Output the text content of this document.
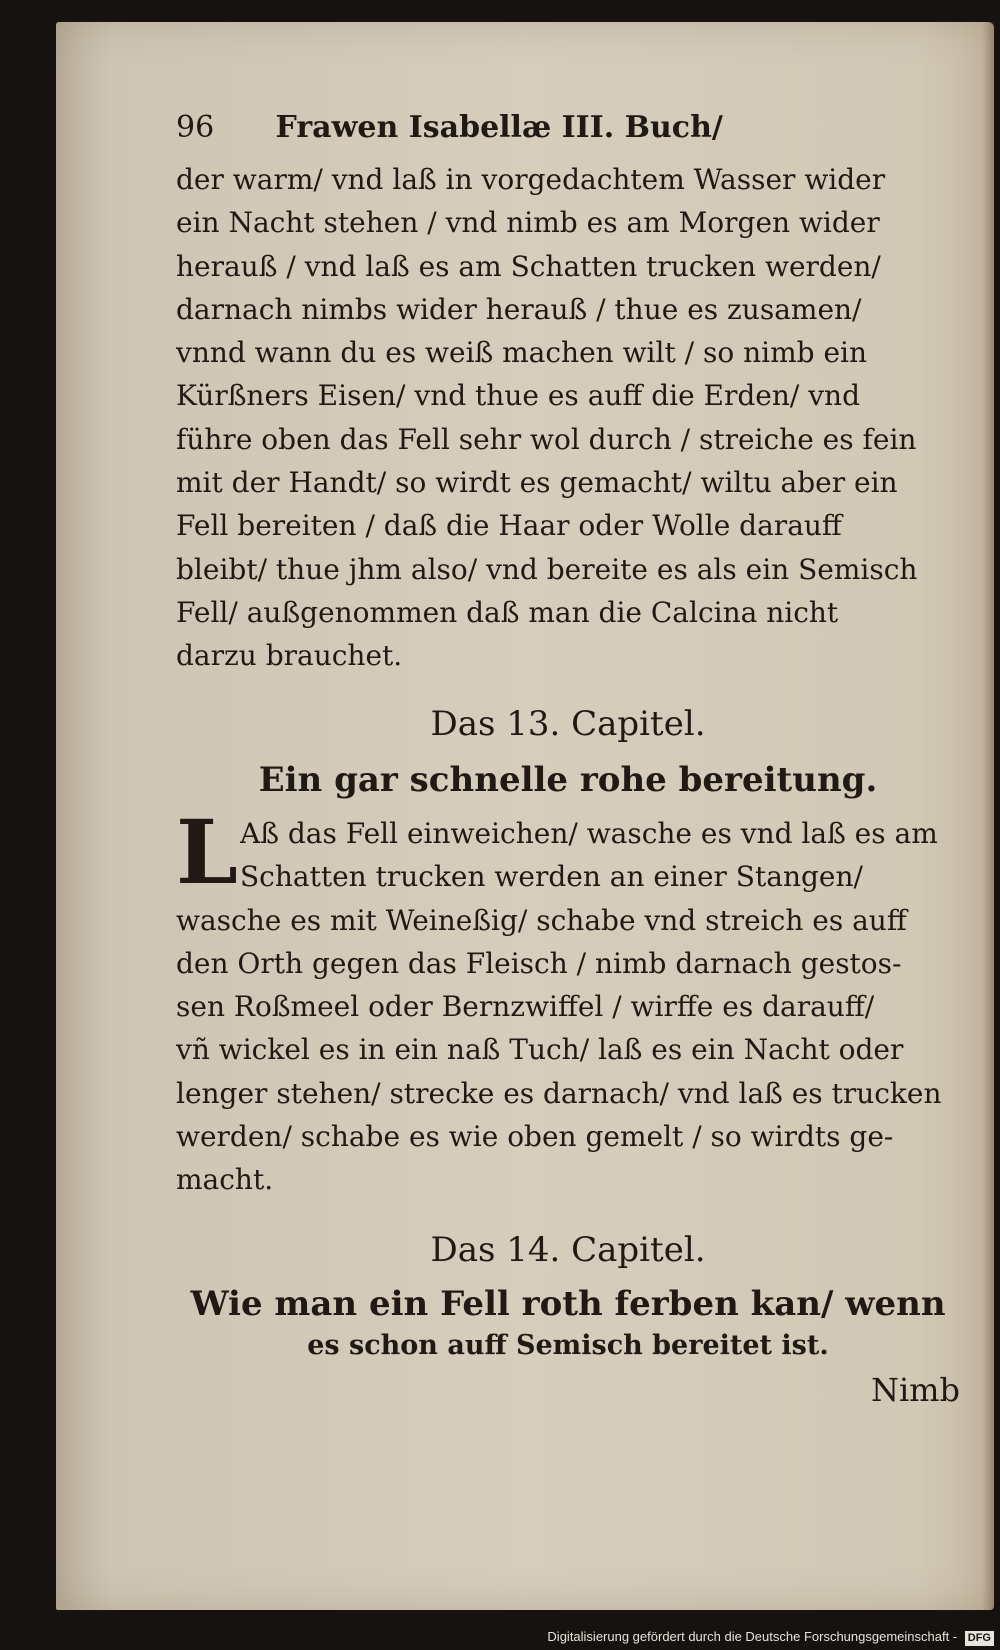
96 Frawen Isabellæ III. Buch/
der warm/ vnd laß in vorgedachtem Wasser wider
ein Nacht stehen / vnd nimb es am Morgen wider
herauß / vnd laß es am Schatten trucken werden/
darnach nimbs wider herauß / thue es zusamen/
vnnd wann du es weiß machen wilt / so nimb ein
Kürßners Eisen/ vnd thue es auff die Erden/ vnd
führe oben das Fell sehr wol durch / streiche es fein
mit der Handt/ so wirdt es gemacht/ wiltu aber ein
Fell bereiten / daß die Haar oder Wolle darauff
bleibt/ thue jhm also/ vnd bereite es als ein Semisch
Fell/ außgenommen daß man die Calcina nicht
darzu brauchet.
Das 13. Capitel.
Ein gar schnelle rohe bereitung.
L Aß das Fell einweichen/ wasche es vnd laß es am
Schatten trucken werden an einer Stangen/
wasche es mit Weineßig/ schabe vnd streich es auff
den Orth gegen das Fleisch / nimb darnach gestos-
sen Roßmeel oder Bernzwiffel / wirffe es darauff/
vñ wickel es in ein naß Tuch/ laß es ein Nacht oder
lenger stehen/ strecke es darnach/ vnd laß es trucken
werden/ schabe es wie oben gemelt / so wirdts ge-
macht.
Das 14. Capitel.
Wie man ein Fell roth ferben kan/ wenn
es schon auff Semisch bereitet ist.
Nimb
Digitalisierung gefördert durch die Deutsche Forschungsgemeinschaft - DFG
